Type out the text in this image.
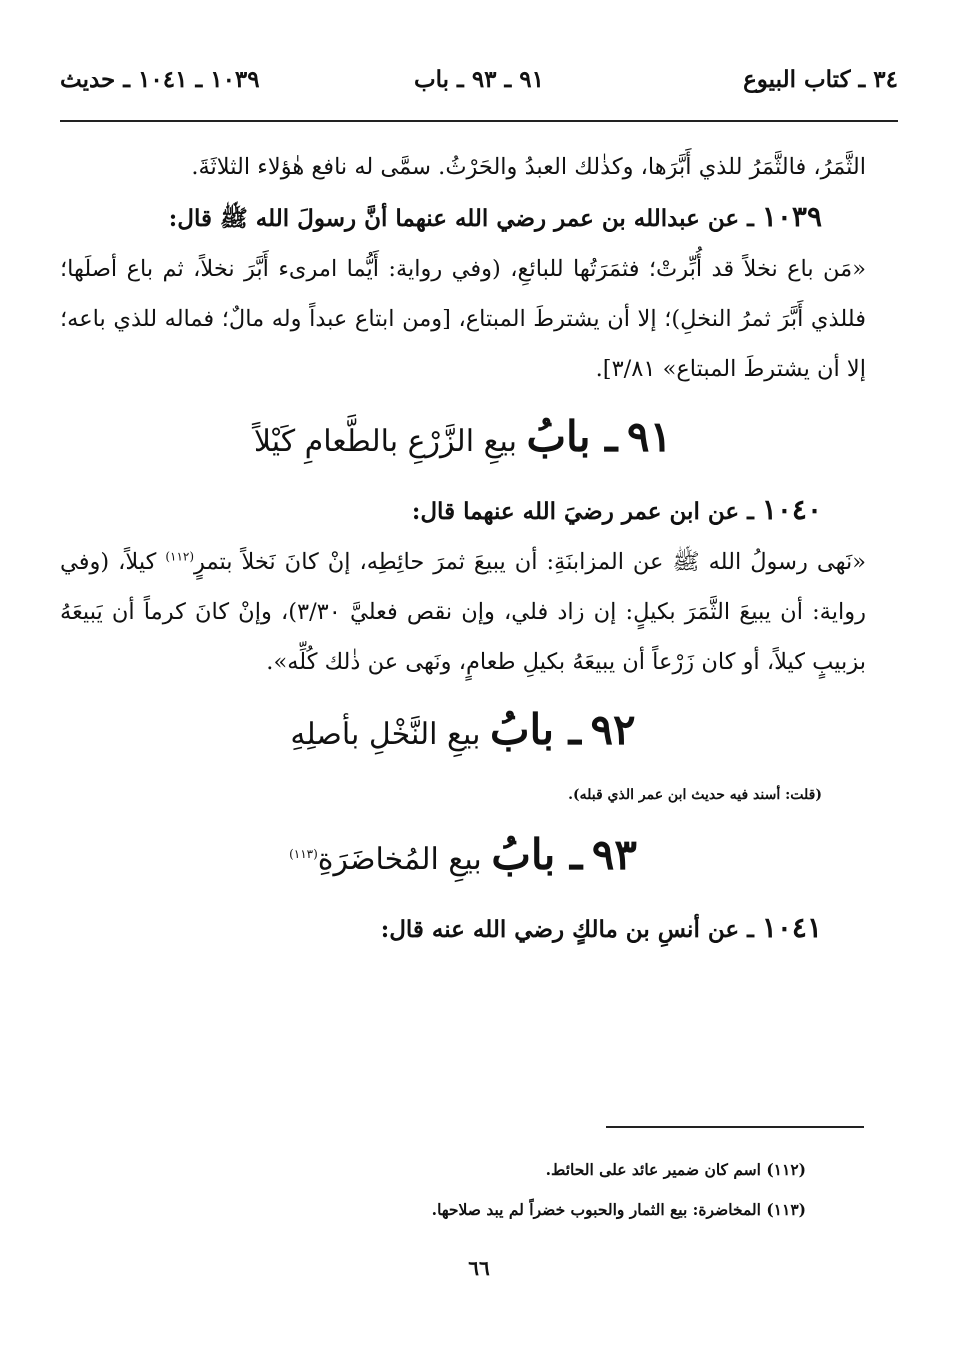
٣٤ ـ كتاب البيوع
٩١ ـ ٩٣ ـ باب
١٠٣٩ ـ ١٠٤١ ـ حديث

الثَّمَرُ، فالثَّمَرُ للذي أَبَّرَها، وكذٰلك العبدُ والحَرْثُ. سمَّى له نافع هٰؤلاء الثلاثَةَ.

١٠٣٩ ـ عن عبدالله بن عمر رضي الله عنهما أنَّ رسولَ الله ﷺ قال:

«مَن باع نخلاً قد أُبِّرتْ؛ فثمَرَتُها للبائعِ، (وفي رواية: أَيُّما امرىء أَبَّرَ نخلاً، ثم باع أصلَها؛ فللذي أَبَّرَ ثمرُ النخلِ)؛ إلا أن يشترطَ المبتاع، [ومن ابتاع عبداً وله مالٌ؛ فماله للذي باعه؛ إلا أن يشترطَ المبتاع» ٣/٨١].

٩١ ـ بابُ بيعِ الزَّرْعِ بالطَّعامِ كَيْلاً

١٠٤٠ ـ عن ابن عمر رضيَ الله عنهما قال:

«نَهى رسولُ الله ﷺ عن المزابنَةِ: أن يبيعَ ثمرَ حائِطِه، إنْ كانَ نَخلاً بتمرٍ$^{(١١٢)}$ كيلاً، (وفي رواية: أن يبيعَ الثَّمَرَ بكيلٍ: إن زاد فلي، وإن نقص فعليَّ ٣/٣٠)، وإنْ كانَ كرماً أن يَبيعَهُ بزبيبٍ كيلاً، أو كان زَرْعاً أن يبيعَهُ بكيلِ طعامٍ، ونَهى عن ذٰلك كُلِّه».

٩٢ ـ بابُ بيعِ النَّخْلِ بأصلِهِ

(قلت: أسند فيه حديث ابن عمر الذي قبله).

٩٣ ـ بابُ بيعِ المُخاضَرَةِ$^{(١١٣)}$

١٠٤١ ـ عن أنسِ بن مالكٍ رضي الله عنه قال:

(١١٢) اسم كان ضمير عائد على الحائط.

(١١٣) المخاضرة: بيع الثمار والحبوب خضراً لم يبد صلاحها.

٦٦
